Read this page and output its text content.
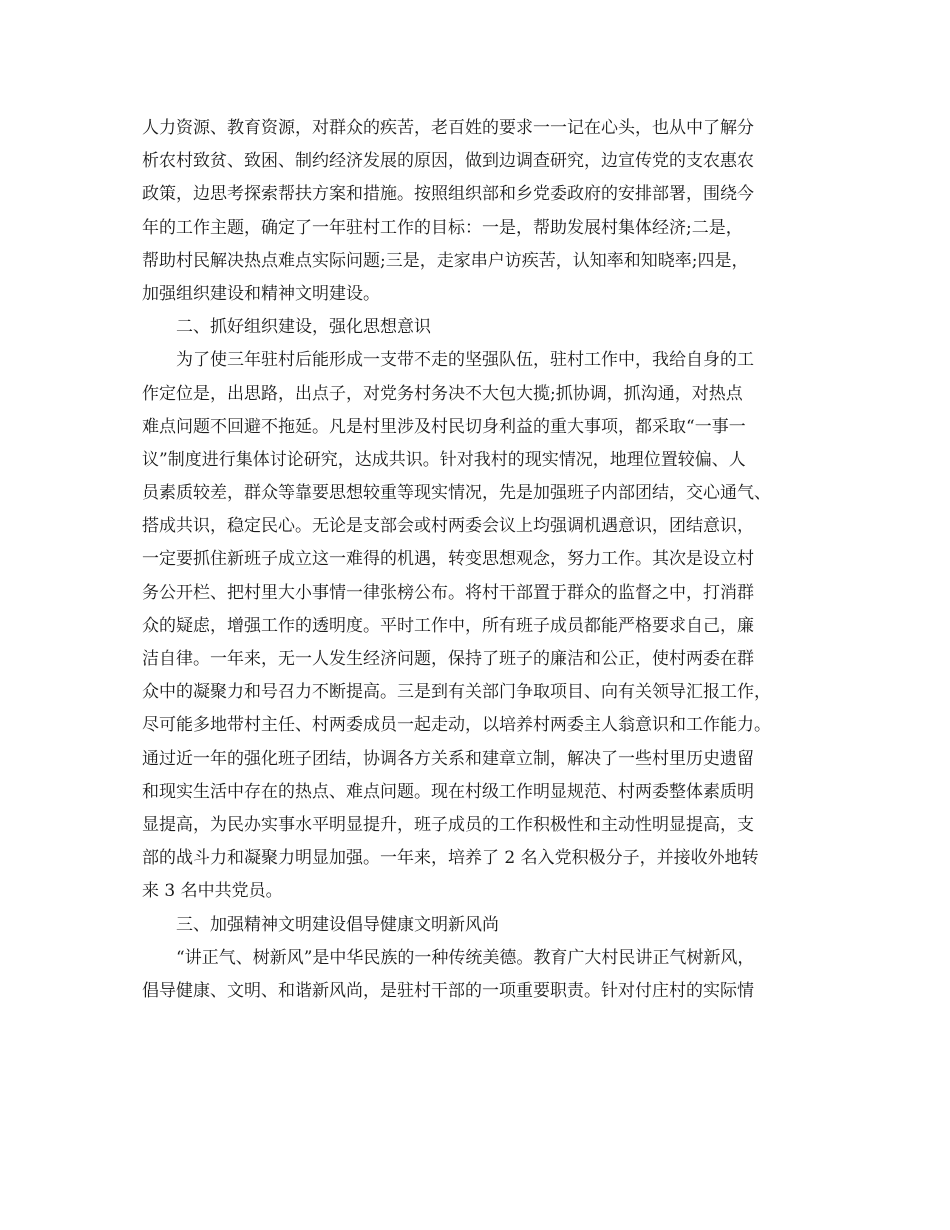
人力资源、教育资源，对群众的疾苦，老百姓的要求一一记在心头，也从中了解分
析农村致贫、致困、制约经济发展的原因，做到边调查研究，边宣传党的支农惠农
政策，边思考探索帮扶方案和措施。按照组织部和乡党委政府的安排部署，围绕今
年的工作主题，确定了一年驻村工作的目标：一是，帮助发展村集体经济;二是，
帮助村民解决热点难点实际问题;三是，走家串户访疾苦，认知率和知晓率;四是，
加强组织建设和精神文明建设。
二、抓好组织建设，强化思想意识
为了使三年驻村后能形成一支带不走的坚强队伍，驻村工作中，我给自身的工
作定位是，出思路，出点子，对党务村务决不大包大揽;抓协调，抓沟通，对热点
难点问题不回避不拖延。凡是村里涉及村民切身利益的重大事项，都采取“一事一
议”制度进行集体讨论研究，达成共识。针对我村的现实情况，地理位置较偏、人
员素质较差，群众等靠要思想较重等现实情况，先是加强班子内部团结，交心通气、
搭成共识，稳定民心。无论是支部会或村两委会议上均强调机遇意识，团结意识，
一定要抓住新班子成立这一难得的机遇，转变思想观念，努力工作。其次是设立村
务公开栏、把村里大小事情一律张榜公布。将村干部置于群众的监督之中，打消群
众的疑虑，增强工作的透明度。平时工作中，所有班子成员都能严格要求自己，廉
洁自律。一年来，无一人发生经济问题，保持了班子的廉洁和公正，使村两委在群
众中的凝聚力和号召力不断提高。三是到有关部门争取项目、向有关领导汇报工作，
尽可能多地带村主任、村两委成员一起走动，以培养村两委主人翁意识和工作能力。
通过近一年的强化班子团结，协调各方关系和建章立制，解决了一些村里历史遗留
和现实生活中存在的热点、难点问题。现在村级工作明显规范、村两委整体素质明
显提高，为民办实事水平明显提升，班子成员的工作积极性和主动性明显提高，支
部的战斗力和凝聚力明显加强。一年来，培养了 2 名入党积极分子，并接收外地转
来 3 名中共党员。
三、加强精神文明建设倡导健康文明新风尚
“讲正气、树新风”是中华民族的一种传统美德。教育广大村民讲正气树新风，
倡导健康、文明、和谐新风尚，是驻村干部的一项重要职责。针对付庄村的实际情
